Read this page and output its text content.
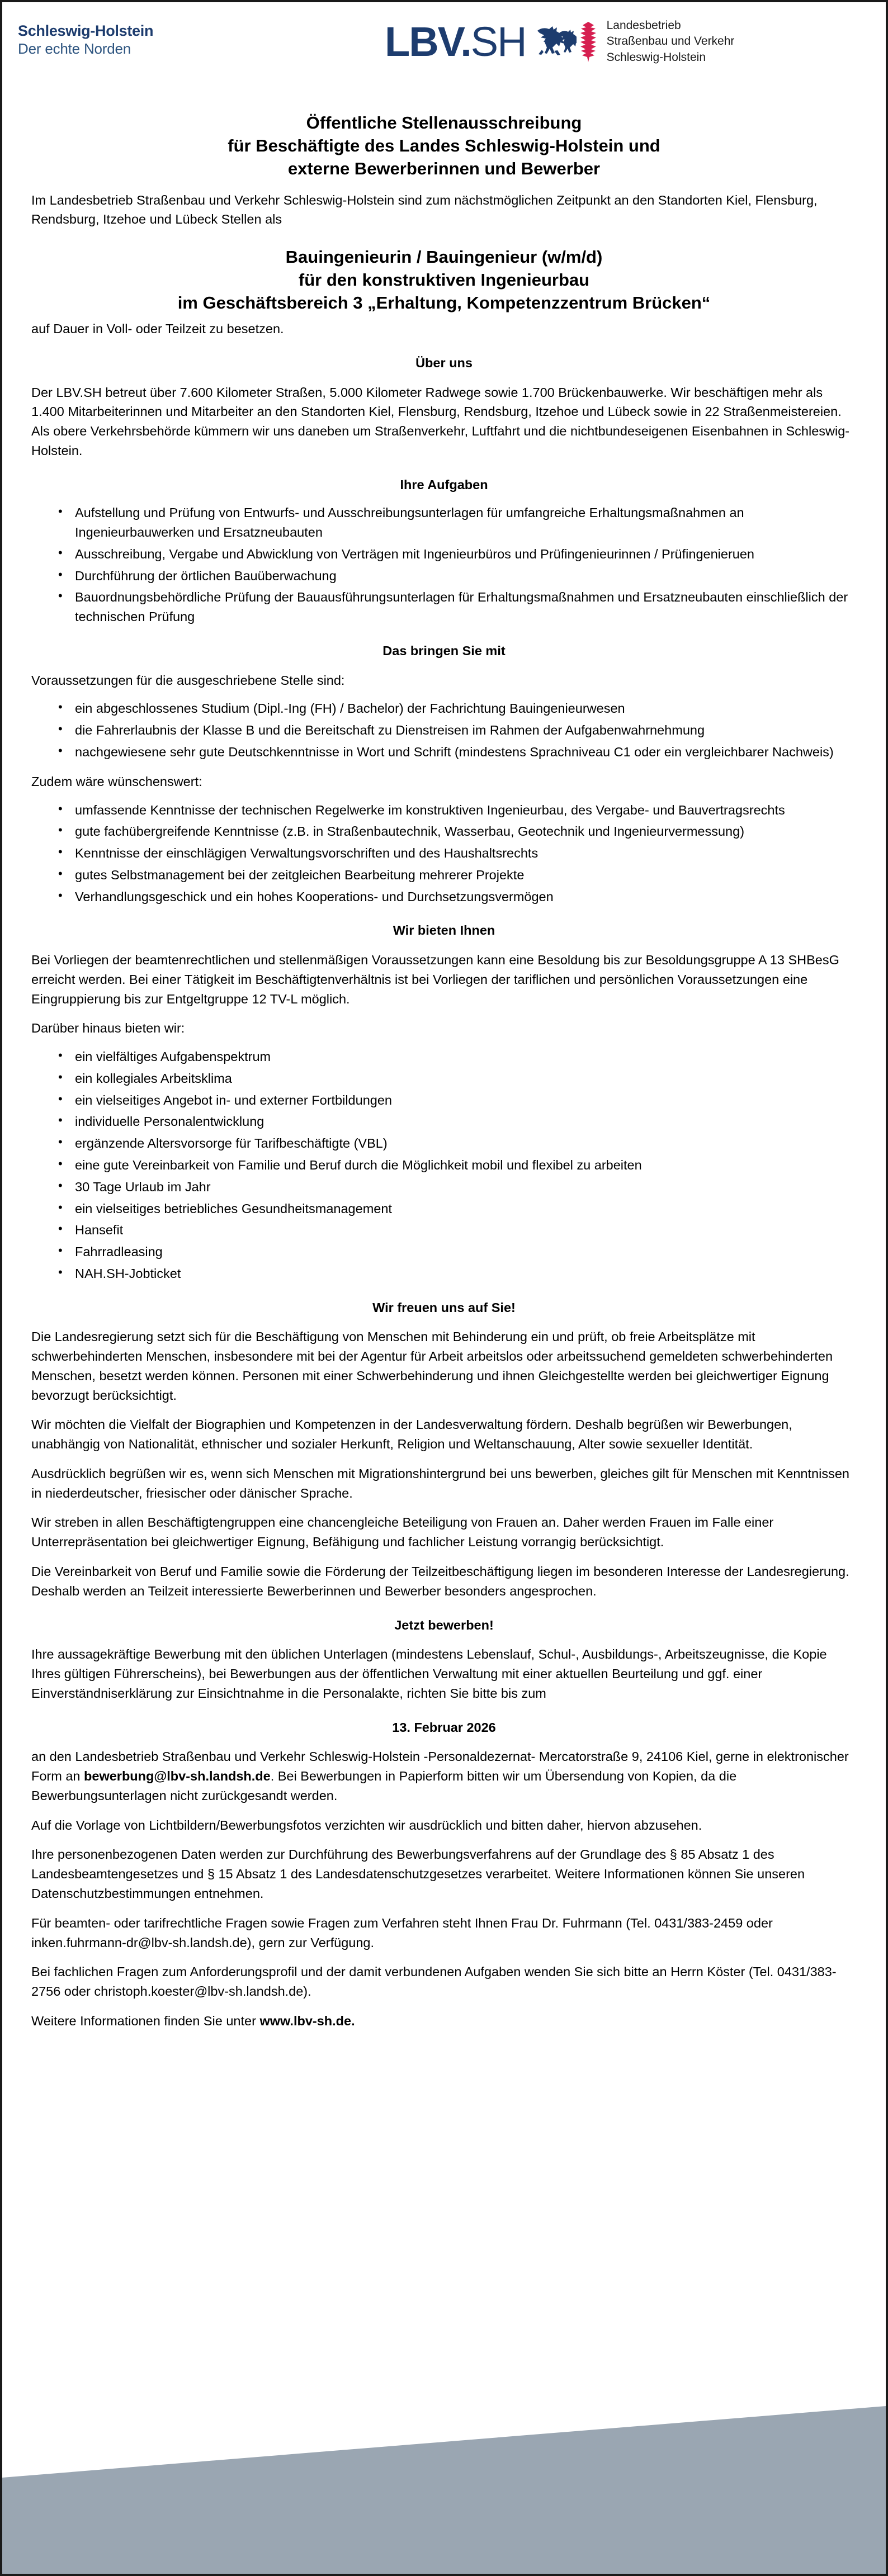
Schleswig-Holstein
Der echte Norden	LBV.SH	Landesbetrieb
Straßenbau und Verkehr
Schleswig-Holstein
Öffentliche Stellenausschreibung
für Beschäftigte des Landes Schleswig-Holstein und
externe Bewerberinnen und Bewerber

Im Landesbetrieb Straßenbau und Verkehr Schleswig-Holstein sind zum nächstmöglichen Zeitpunkt an den Standorten Kiel, Flensburg, Rendsburg, Itzehoe und Lübeck Stellen als

Bauingenieurin / Bauingenieur (w/m/d)
für den konstruktiven Ingenieurbau
im Geschäftsbereich 3 „Erhaltung, Kompetenzzentrum Brücken“

auf Dauer in Voll- oder Teilzeit zu besetzen.

Über uns

Der LBV.SH betreut über 7.600 Kilometer Straßen, 5.000 Kilometer Radwege sowie 1.700 Brückenbauwerke. Wir beschäftigen mehr als 1.400 Mitarbeiterinnen und Mitarbeiter an den Standorten Kiel, Flensburg, Rendsburg, Itzehoe und Lübeck sowie in 22 Straßenmeistereien. Als obere Verkehrsbehörde kümmern wir uns daneben um Straßenverkehr, Luftfahrt und die nichtbundeseigenen Eisenbahnen in Schleswig-Holstein.

Ihre Aufgaben
• Aufstellung und Prüfung von Entwurfs- und Ausschreibungsunterlagen für umfangreiche Erhaltungsmaßnahmen an Ingenieurbauwerken und Ersatzneubauten
• Ausschreibung, Vergabe und Abwicklung von Verträgen mit Ingenieurbüros und Prüfingenieurinnen / Prüfingenieruen
• Durchführung der örtlichen Bauüberwachung
• Bauordnungsbehördliche Prüfung der Bauausführungsunterlagen für Erhaltungsmaßnahmen und Ersatzneubauten einschließlich der technischen Prüfung
Das bringen Sie mit

Voraussetzungen für die ausgeschriebene Stelle sind:

• ein abgeschlossenes Studium (Dipl.-Ing (FH) / Bachelor) der Fachrichtung Bauingenieurwesen
• die Fahrerlaubnis der Klasse B und die Bereitschaft zu Dienstreisen im Rahmen der Aufgabenwahrnehmung
• nachgewiesene sehr gute Deutschkenntnisse in Wort und Schrift (mindestens Sprachniveau C1 oder ein vergleichbarer Nachweis)

Zudem wäre wünschenswert:

• umfassende Kenntnisse der technischen Regelwerke im konstruktiven Ingenieurbau, des Vergabe- und Bauvertragsrechts
• gute fachübergreifende Kenntnisse (z.B. in Straßenbautechnik, Wasserbau, Geotechnik und Ingenieurvermessung)
• Kenntnisse der einschlägigen Verwaltungsvorschriften und des Haushaltsrechts
• gutes Selbstmanagement bei der zeitgleichen Bearbeitung mehrerer Projekte
• Verhandlungsgeschick und ein hohes Kooperations- und Durchsetzungsvermögen
Wir bieten Ihnen

Bei Vorliegen der beamtenrechtlichen und stellenmäßigen Voraussetzungen kann eine Besoldung bis zur Besoldungsgruppe A 13 SHBesG erreicht werden. Bei einer Tätigkeit im Beschäftigtenverhältnis ist bei Vorliegen der tariflichen und persönlichen Voraussetzungen eine Eingruppierung bis zur Entgeltgruppe 12 TV-L möglich.

Darüber hinaus bieten wir:

• ein vielfältiges Aufgabenspektrum
• ein kollegiales Arbeitsklima
• ein vielseitiges Angebot in- und externer Fortbildungen
• individuelle Personalentwicklung
• ergänzende Altersvorsorge für Tarifbeschäftigte (VBL)
• eine gute Vereinbarkeit von Familie und Beruf durch die Möglichkeit mobil und flexibel zu arbeiten
• 30 Tage Urlaub im Jahr
• ein vielseitiges betriebliches Gesundheitsmanagement
• Hansefit
• Fahrradleasing
• NAH.SH-Jobticket
Wir freuen uns auf Sie!

Die Landesregierung setzt sich für die Beschäftigung von Menschen mit Behinderung ein und prüft, ob freie Arbeitsplätze mit schwerbehinderten Menschen, insbesondere mit bei der Agentur für Arbeit arbeitslos oder arbeitssuchend gemeldeten schwerbehinderten Menschen, besetzt werden können. Personen mit einer Schwerbehinderung und ihnen Gleichgestellte werden bei gleichwertiger Eignung bevorzugt berücksichtigt.

Wir möchten die Vielfalt der Biographien und Kompetenzen in der Landesverwaltung fördern. Deshalb begrüßen wir Bewerbungen, unabhängig von Nationalität, ethnischer und sozialer Herkunft, Religion und Weltanschauung, Alter sowie sexueller Identität.

Ausdrücklich begrüßen wir es, wenn sich Menschen mit Migrationshintergrund bei uns bewerben, gleiches gilt für Menschen mit Kenntnissen in niederdeutscher, friesischer oder dänischer Sprache.

Wir streben in allen Beschäftigtengruppen eine chancengleiche Beteiligung von Frauen an. Daher werden Frauen im Falle einer Unterrepräsentation bei gleichwertiger Eignung, Befähigung und fachlicher Leistung vorrangig berücksichtigt.

Die Vereinbarkeit von Beruf und Familie sowie die Förderung der Teilzeitbeschäftigung liegen im besonderen Interesse der Landesregierung. Deshalb werden an Teilzeit interessierte Bewerberinnen und Bewerber besonders angesprochen.

Jetzt bewerben!

Ihre aussagekräftige Bewerbung mit den üblichen Unterlagen (mindestens Lebenslauf, Schul-, Ausbildungs-, Arbeitszeugnisse, die Kopie Ihres gültigen Führerscheins), bei Bewerbungen aus der öffentlichen Verwaltung mit einer aktuellen Beurteilung und ggf. einer Einverständniserklärung zur Einsichtnahme in die Personalakte, richten Sie bitte bis zum

13. Februar 2026

an den Landesbetrieb Straßenbau und Verkehr Schleswig-Holstein -Personaldezernat- Mercatorstraße 9, 24106 Kiel, gerne in elektronischer Form an bewerbung@lbv-sh.landsh.de. Bei Bewerbungen in Papierform bitten wir um Übersendung von Kopien, da die Bewerbungsunterlagen nicht zurückgesandt werden.

Auf die Vorlage von Lichtbildern/Bewerbungsfotos verzichten wir ausdrücklich und bitten daher, hiervon abzusehen.

Ihre personenbezogenen Daten werden zur Durchführung des Bewerbungsverfahrens auf der Grundlage des § 85 Absatz 1 des Landesbeamtengesetzes und § 15 Absatz 1 des Landesdatenschutzgesetzes verarbeitet. Weitere Informationen können Sie unseren Datenschutzbestimmungen entnehmen.

Für beamten- oder tarifrechtliche Fragen sowie Fragen zum Verfahren steht Ihnen Frau Dr. Fuhrmann (Tel. 0431/383-2459 oder inken.fuhrmann-dr@lbv-sh.landsh.de), gern zur Verfügung.

Bei fachlichen Fragen zum Anforderungsprofil und der damit verbundenen Aufgaben wenden Sie sich bitte an Herrn Köster (Tel. 0431/383-2756 oder christoph.koester@lbv-sh.landsh.de).

Weitere Informationen finden Sie unter www.lbv-sh.de.
